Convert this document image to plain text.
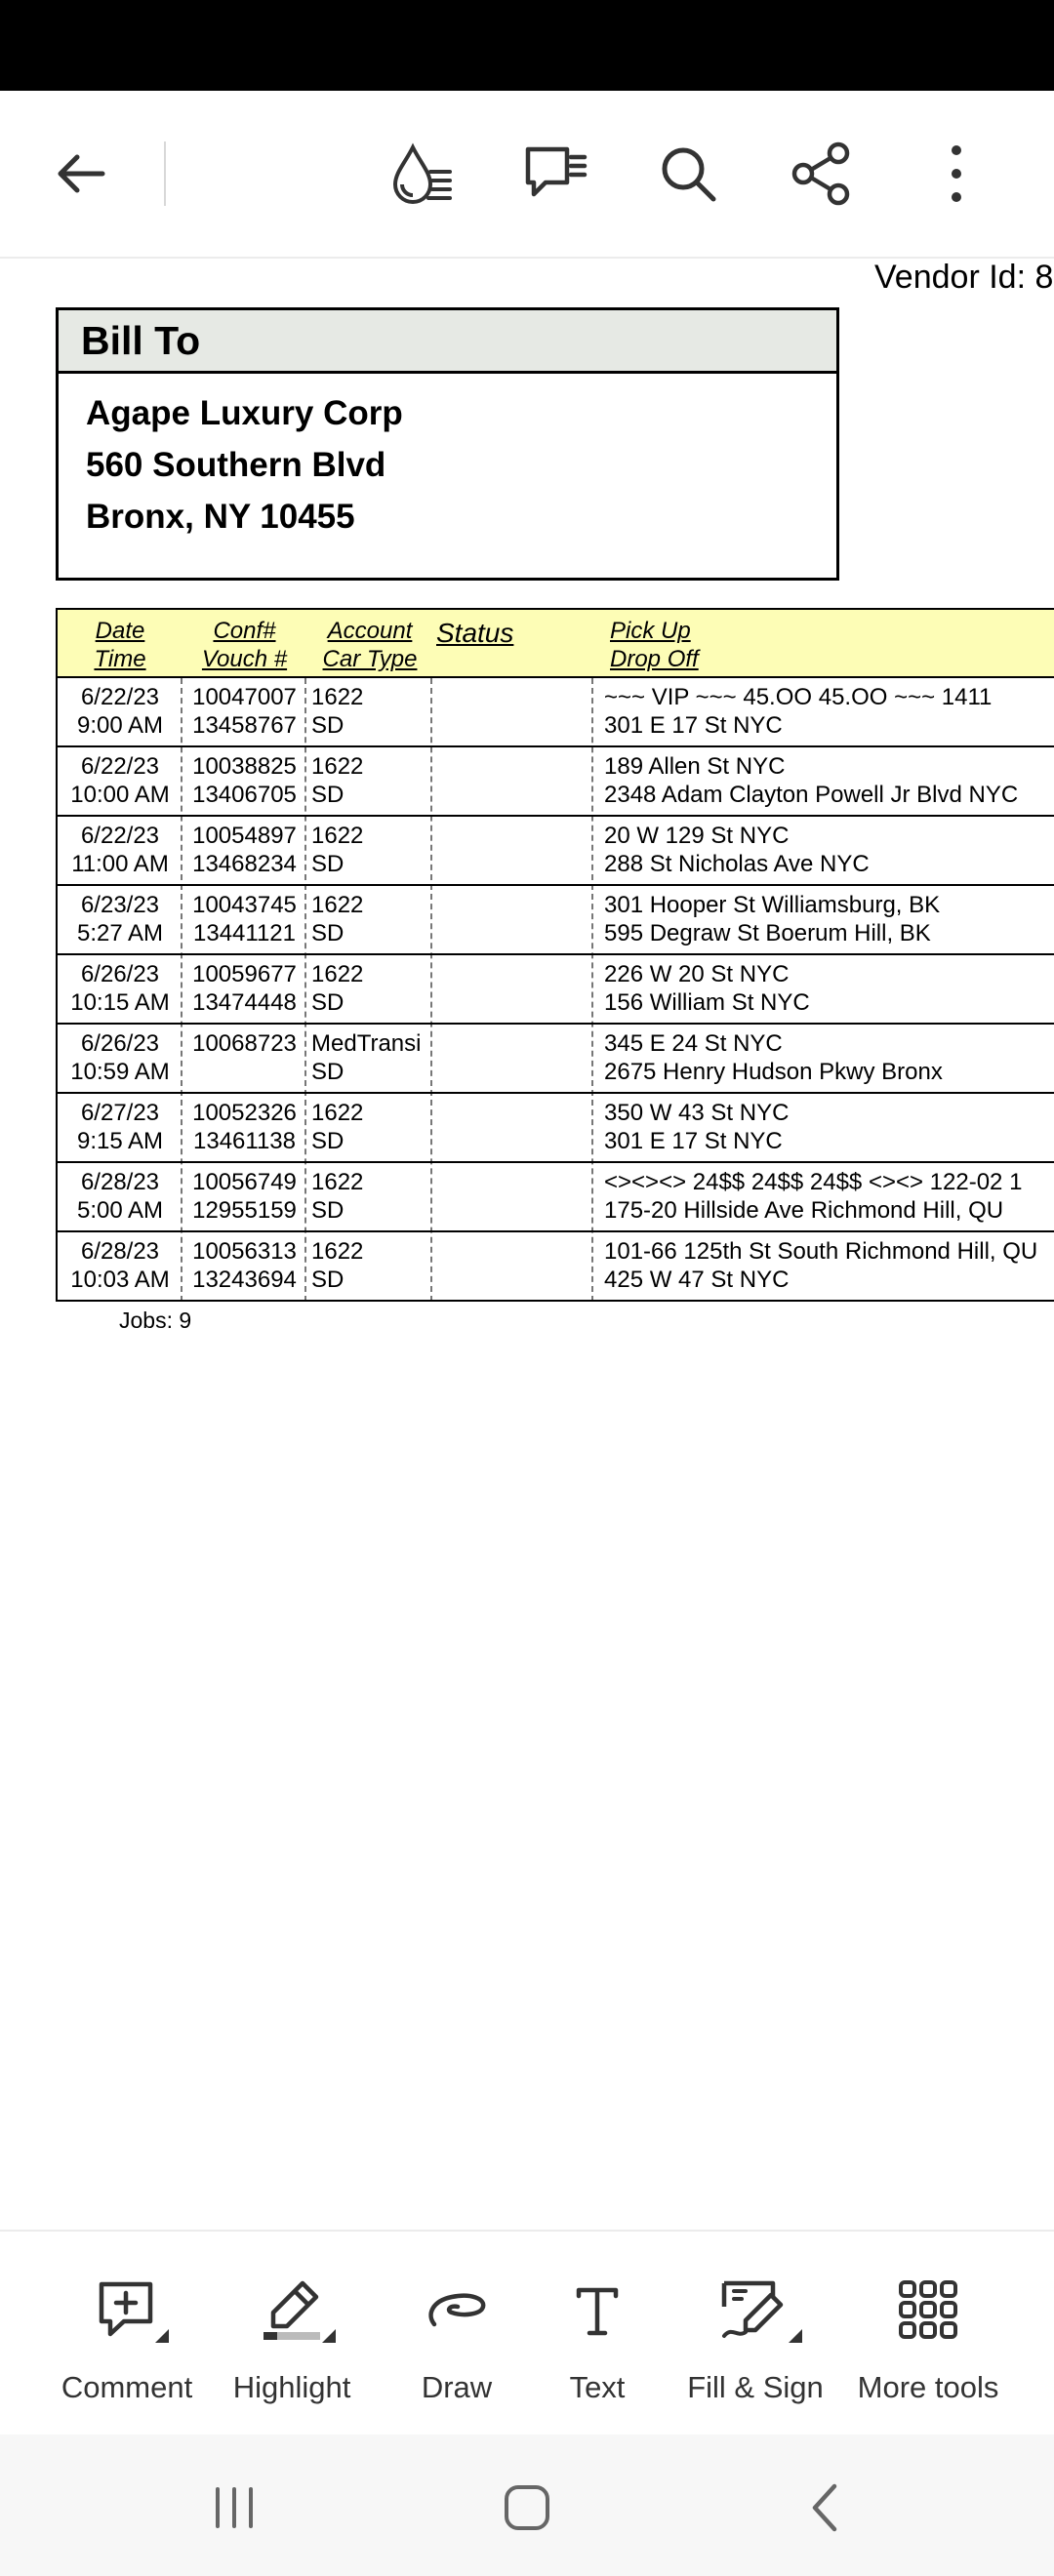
Vendor Id: 8
Bill To
Agape Luxury Corp
560 Southern Blvd
Bronx, NY 10455
Date
Time
Conf#
Vouch #
Account
Car Type
Status	Pick Up
Drop Off
6/22/23
9:00 AM
10047007
13458767
1622
SD
~~~ VIP ~~~ 45.OO 45.OO ~~~ 1411
301 E 17 St NYC
6/22/23
10:00 AM
10038825
13406705
1622
SD
189 Allen St NYC
2348 Adam Clayton Powell Jr Blvd NYC
6/22/23
11:00 AM
10054897
13468234
1622
SD
20 W 129 St NYC
288 St Nicholas Ave NYC
6/23/23
5:27 AM
10043745
13441121
1622
SD
301 Hooper St Williamsburg, BK
595 Degraw St Boerum Hill, BK
6/26/23
10:15 AM
10059677
13474448
1622
SD
226 W 20 St NYC
156 William St NYC
6/26/23
10:59 AM
10068723 MedTransi
SD
345 E 24 St NYC
2675 Henry Hudson Pkwy Bronx
6/27/23
9:15 AM
10052326
13461138
1622
SD
350 W 43 St NYC
301 E 17 St NYC
6/28/23
5:00 AM
10056749
12955159
1622
SD
<><><> 24$$ 24$$ 24$$ <><> 122-02 1
175-20 Hillside Ave Richmond Hill, QU
6/28/23
10:03 AM
10056313
13243694
1622
SD
101-66 125th St South Richmond Hill, QU
425 W 47 St NYC
Jobs: 9
Comment Highlight Draw	Text Fill & Sign More tools
